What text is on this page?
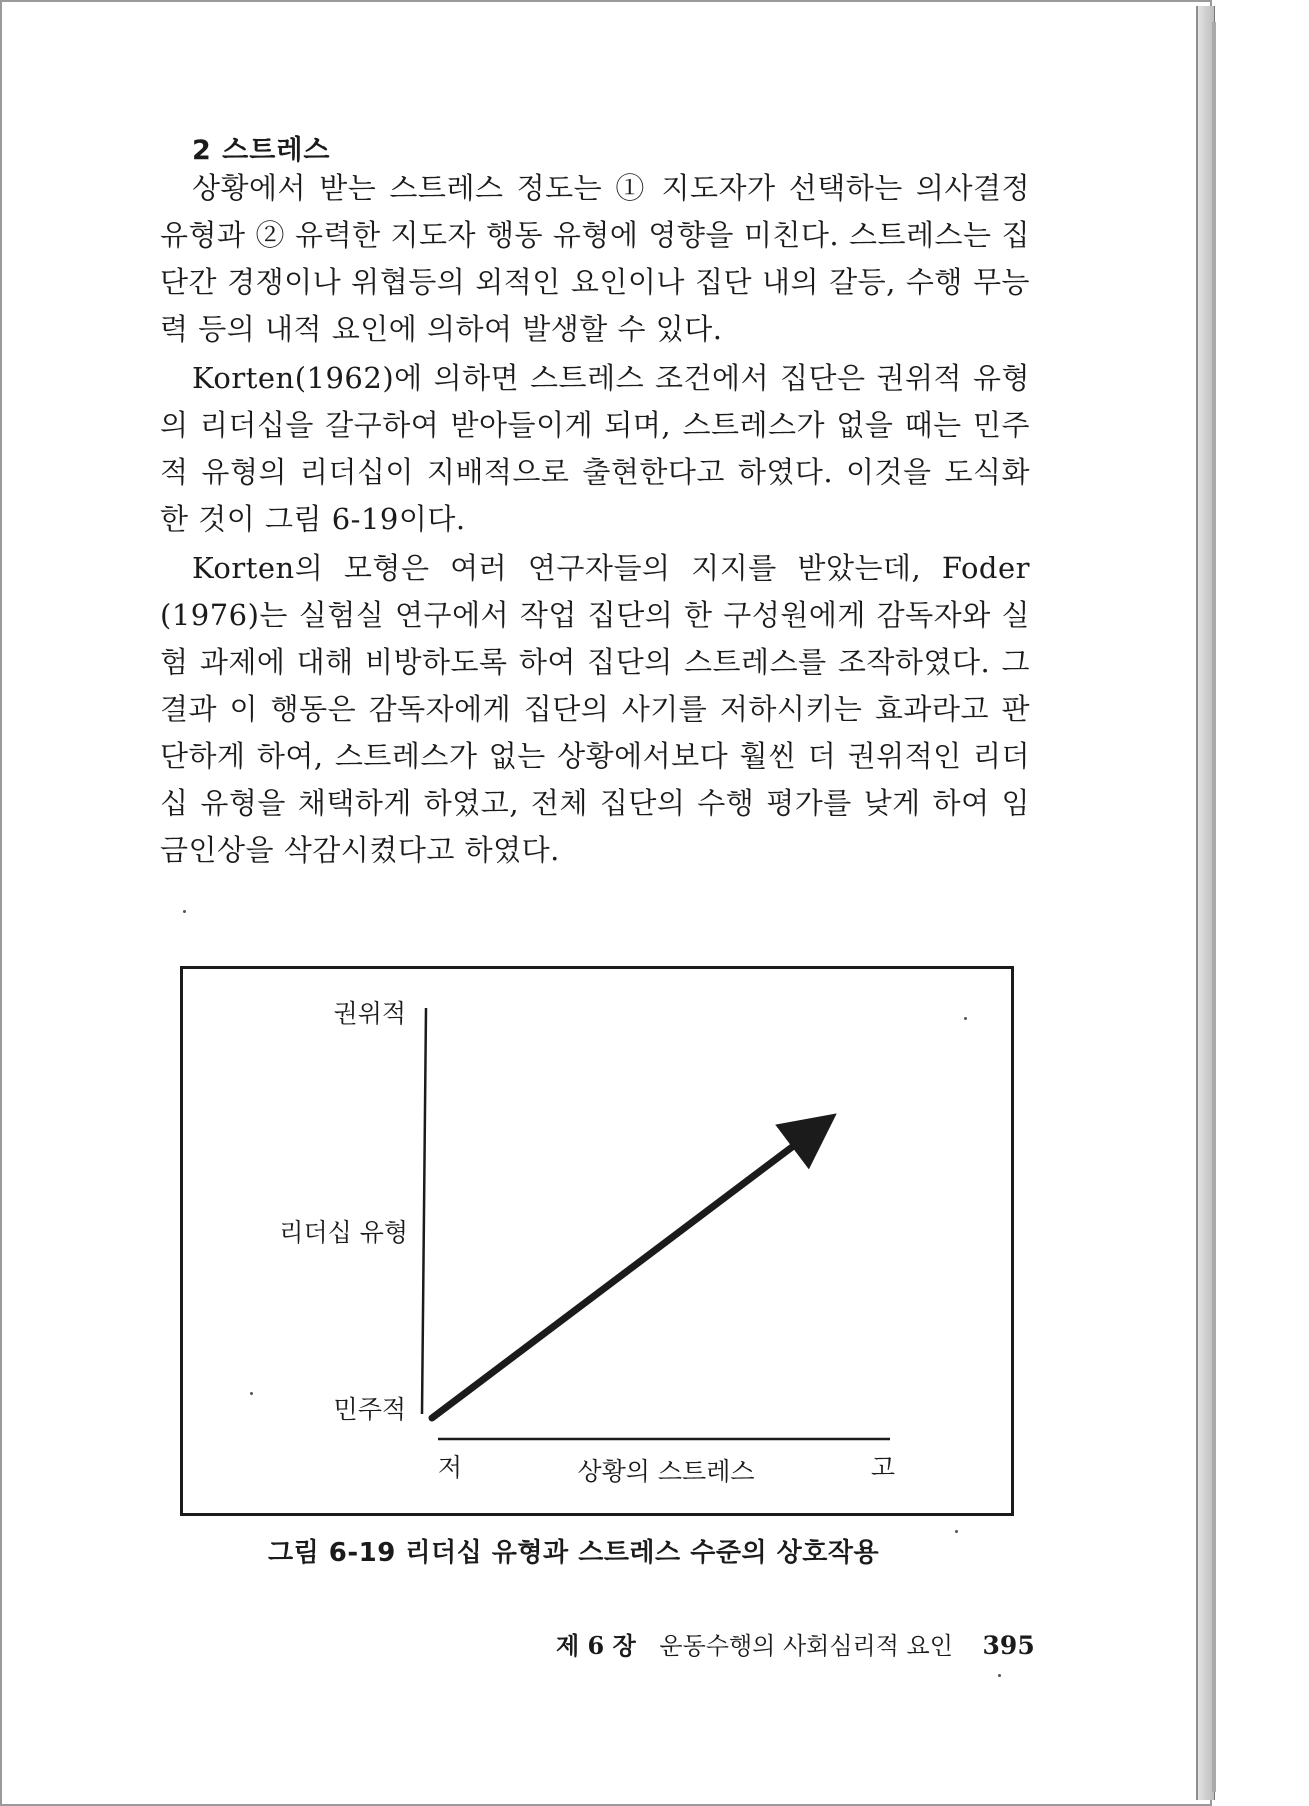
2 스트레스

상황에서 받는 스트레스 정도는 ① 지도자가 선택하는 의사결정 유형과 ② 유력한 지도자 행동 유형에 영향을 미친다. 스트레스는 집단간 경쟁이나 위협등의 외적인 요인이나 집단 내의 갈등, 수행 무능력 등의 내적 요인에 의하여 발생할 수 있다.

Korten(1962)에 의하면 스트레스 조건에서 집단은 권위적 유형의 리더십을 갈구하여 받아들이게 되며, 스트레스가 없을 때는 민주적 유형의 리더십이 지배적으로 출현한다고 하였다. 이것을 도식화한 것이 그림 6-19이다.

Korten의 모형은 여러 연구자들의 지지를 받았는데, Foder (1976)는 실험실 연구에서 작업 집단의 한 구성원에게 감독자와 실험 과제에 대해 비방하도록 하여 집단의 스트레스를 조작하였다. 그 결과 이 행동은 감독자에게 집단의 사기를 저하시키는 효과라고 판단하게 하여, 스트레스가 없는 상황에서보다 훨씬 더 권위적인 리더십 유형을 채택하게 하였고, 전체 집단의 수행 평가를 낮게 하여 임금인상을 삭감시켰다고 하였다.

권위적
리더십 유형
민주적
저	상황의 스트레스	고
그림 6-19 리더십 유형과 스트레스 수준의 상호작용
제 6 장 운동수행의 사회심리적 요인 395
